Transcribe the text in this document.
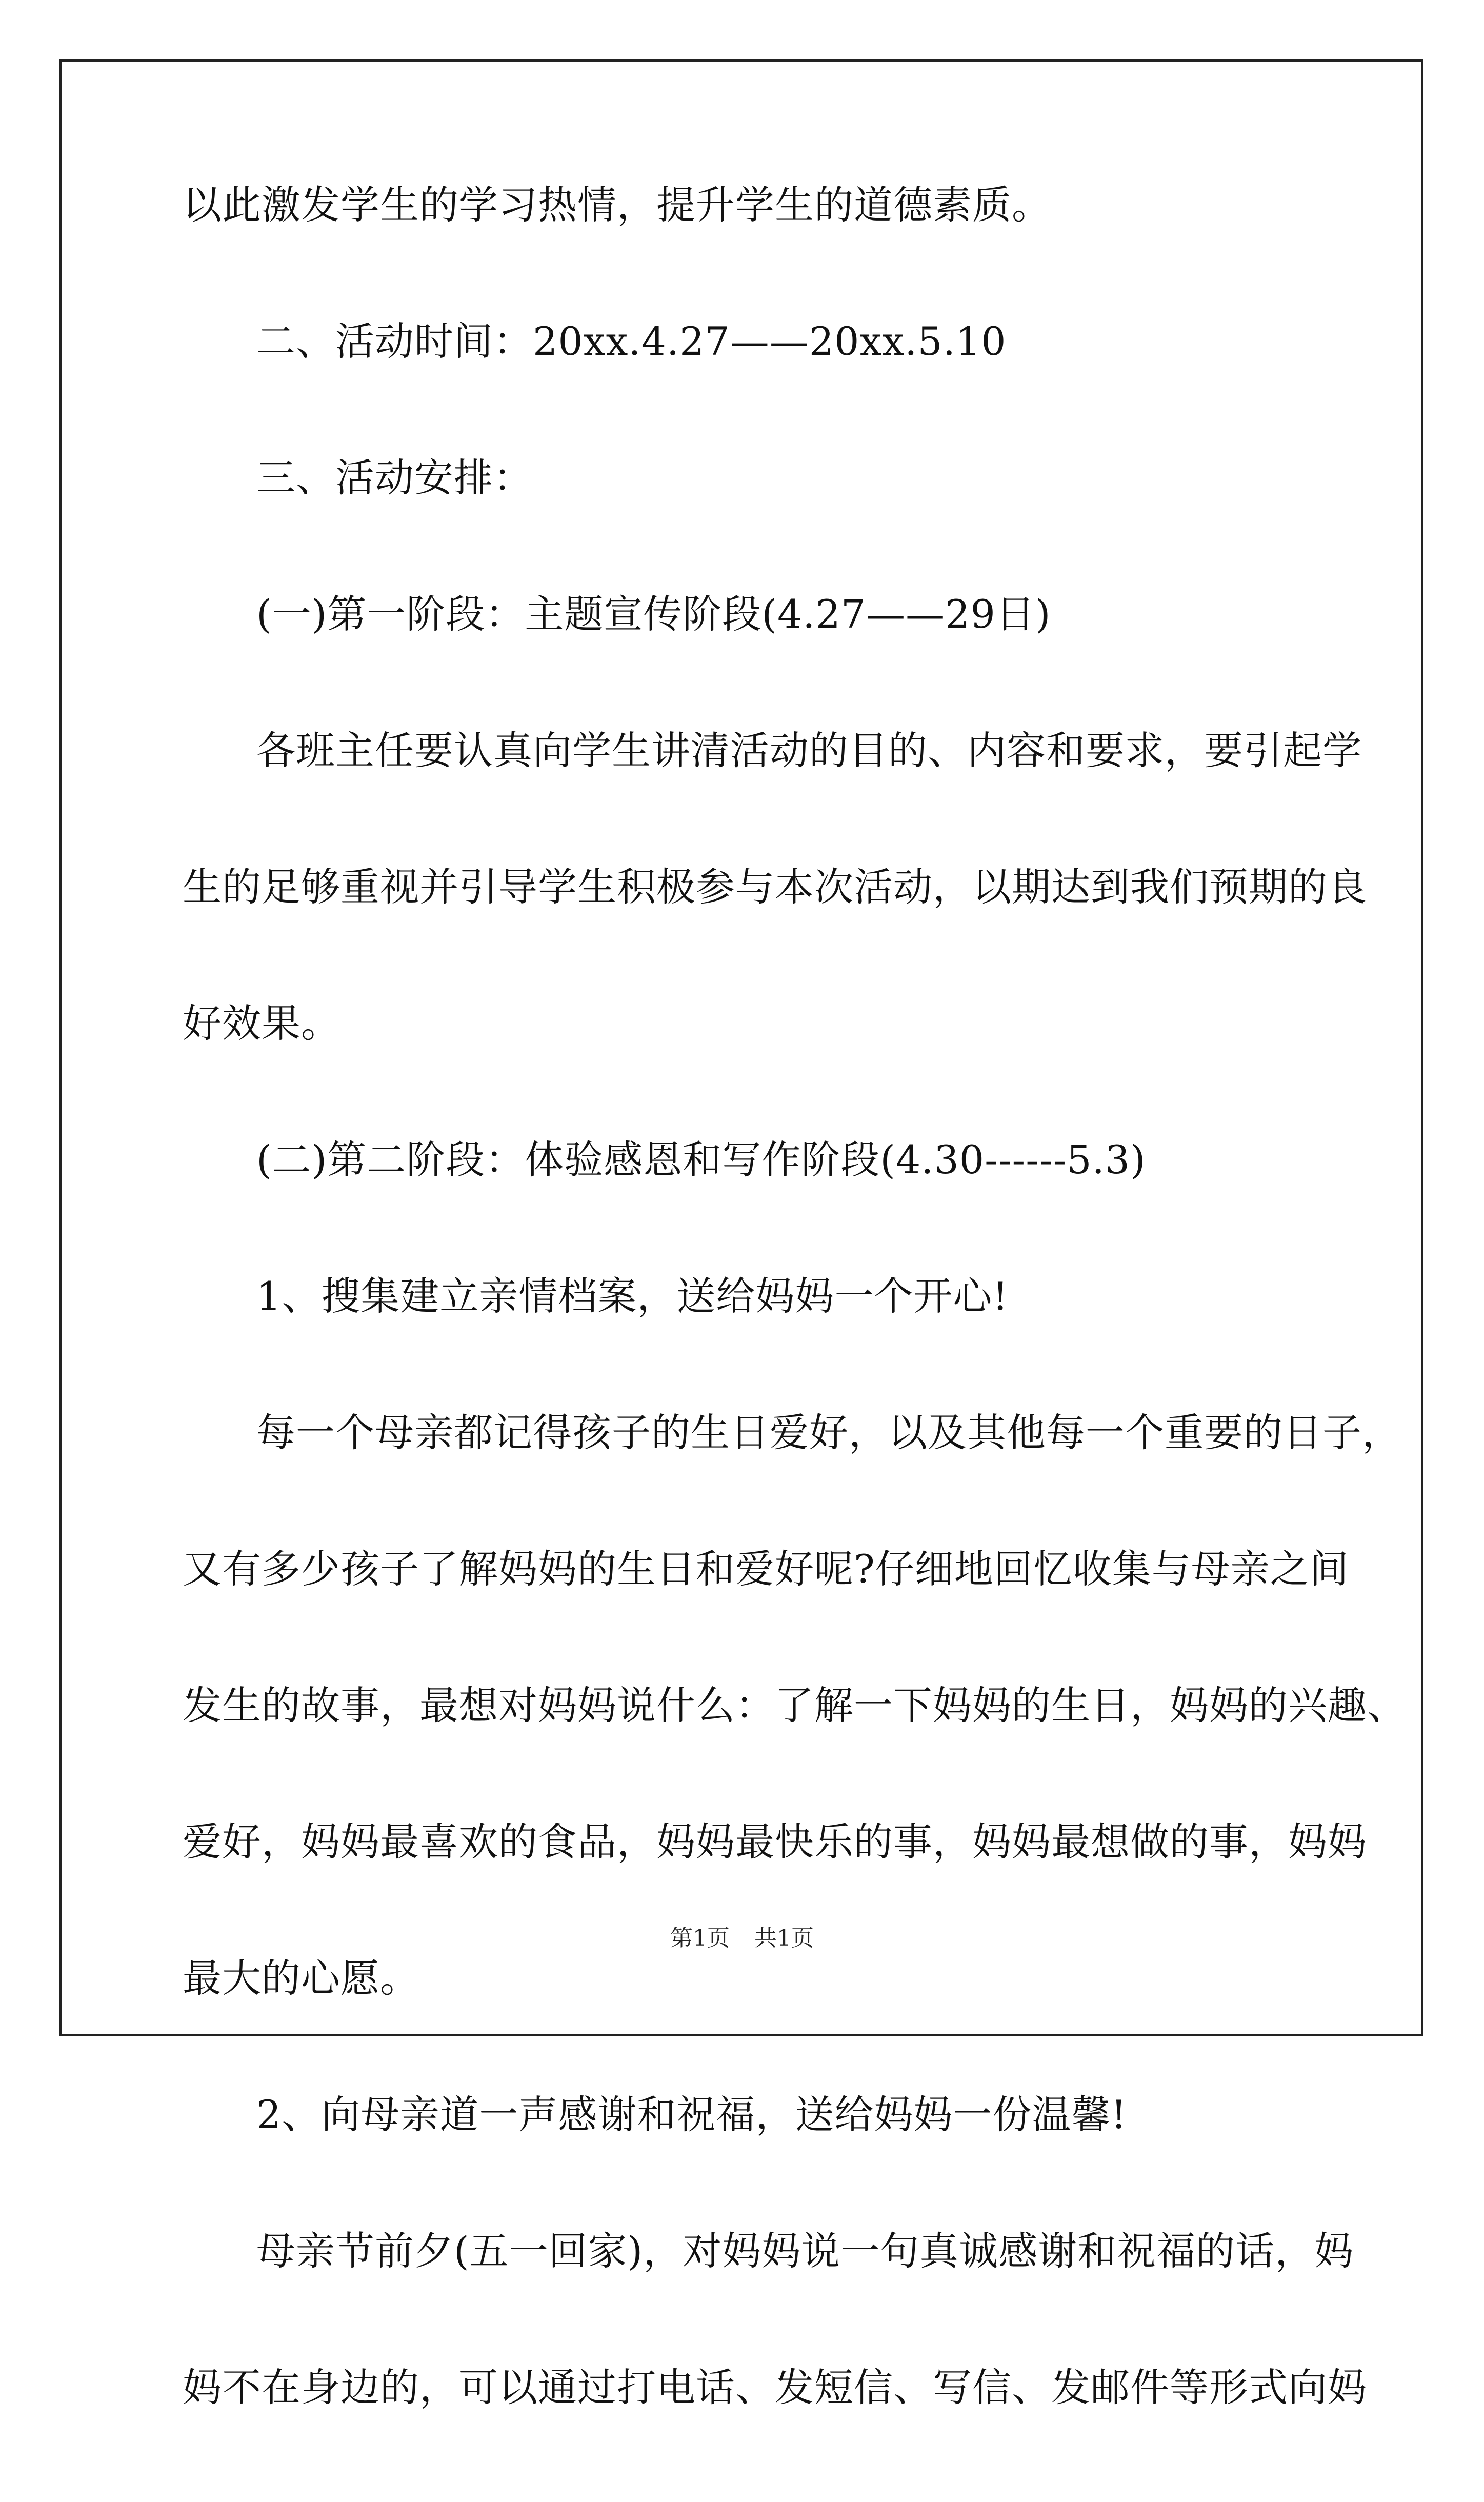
以此激发学生的学习热情，提升学生的道德素质。

二、活动时间：20xx.4.27——20xx.5.10

三、活动安排：

(一)第一阶段：主题宣传阶段(4.27——29日)

各班主任要认真向学生讲清活动的目的、内容和要求，要引起学

生的足够重视并引导学生积极参与本次活动，以期达到我们预期的良

好效果。

(二)第二阶段：体验感恩和写作阶段(4.30------5.3)

1、搜集建立亲情档案，送给妈妈一个开心!

每一个母亲都记得孩子的生日爱好，以及其他每一个重要的日子，

又有多少孩子了解妈妈的生日和爱好呢?仔细地回忆收集与母亲之间

发生的故事，最想对妈妈说什么：了解一下妈妈的生日，妈妈的兴趣、

爱好，妈妈最喜欢的食品，妈妈最快乐的事，妈妈最想做的事，妈妈

最大的心愿。

2、向母亲道一声感谢和祝福，送给妈妈一份温馨!

母亲节前夕(五一回家)，对妈妈说一句真诚感谢和祝福的话，妈

妈不在身边的，可以通过打电话、发短信、写信、发邮件等形式向妈

第1页 共1页
